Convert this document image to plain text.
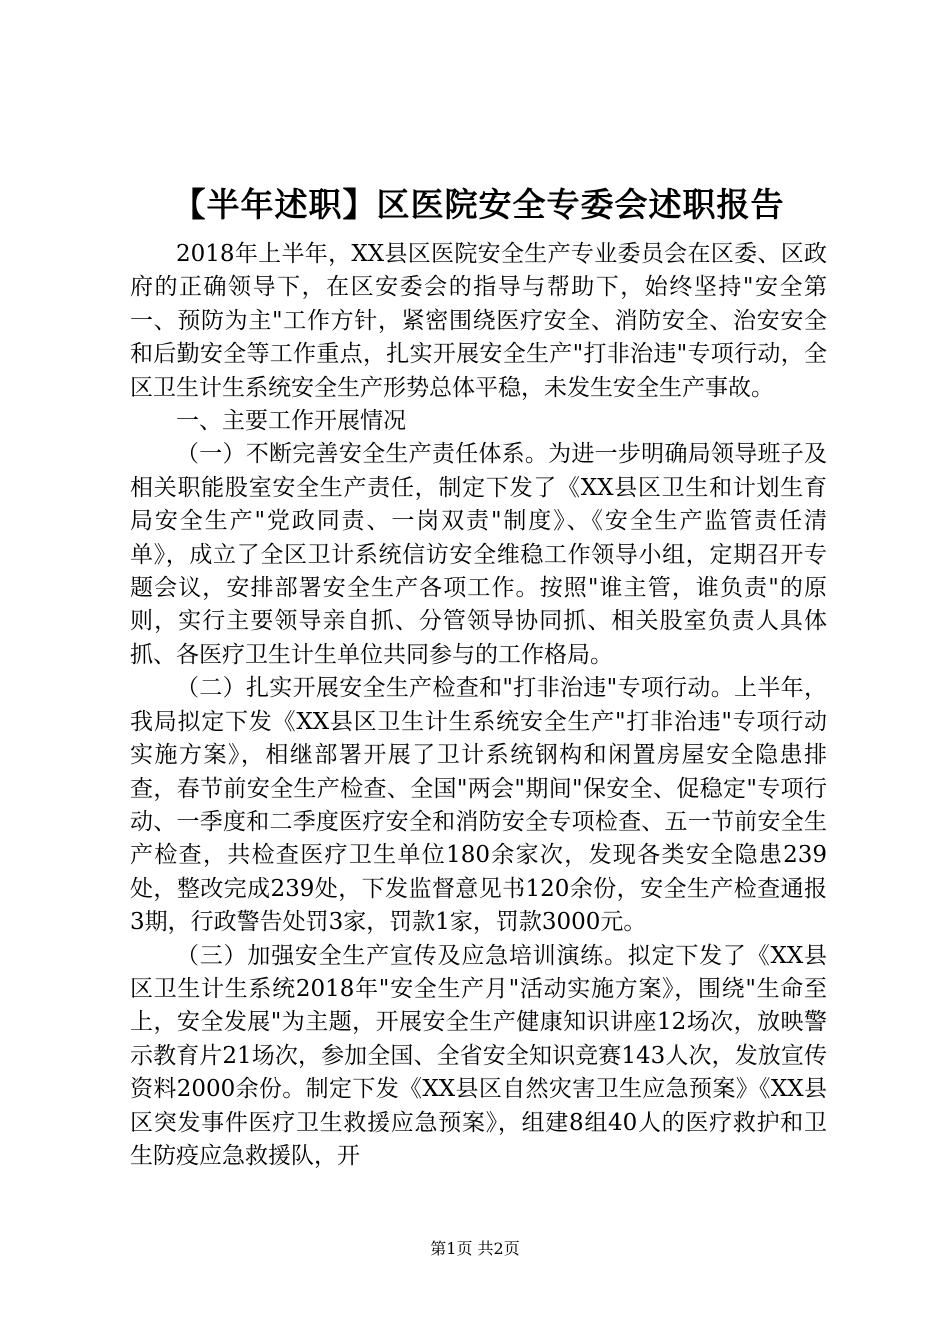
【半年述职】区医院安全专委会述职报告

2018年上半年，XX县区医院安全生产专业委员会在区委、区政府的正确领导下，在区安委会的指导与帮助下，始终坚持"安全第一、预防为主"工作方针，紧密围绕医疗安全、消防安全、治安安全和后勤安全等工作重点，扎实开展安全生产"打非治违"专项行动，全区卫生计生系统安全生产形势总体平稳，未发生安全生产事故。

一、主要工作开展情况

（一）不断完善安全生产责任体系。为进一步明确局领导班子及相关职能股室安全生产责任，制定下发了《XX县区卫生和计划生育局安全生产"党政同责、一岗双责"制度》、《安全生产监管责任清单》，成立了全区卫计系统信访安全维稳工作领导小组，定期召开专题会议，安排部署安全生产各项工作。按照"谁主管，谁负责"的原则，实行主要领导亲自抓、分管领导协同抓、相关股室负责人具体抓、各医疗卫生计生单位共同参与的工作格局。

（二）扎实开展安全生产检查和"打非治违"专项行动。上半年，我局拟定下发《XX县区卫生计生系统安全生产"打非治违"专项行动实施方案》，相继部署开展了卫计系统钢构和闲置房屋安全隐患排查，春节前安全生产检查、全国"两会"期间"保安全、促稳定"专项行动、一季度和二季度医疗安全和消防安全专项检查、五一节前安全生产检查，共检查医疗卫生单位180余家次，发现各类安全隐患239处，整改完成239处，下发监督意见书120余份，安全生产检查通报3期，行政警告处罚3家，罚款1家，罚款3000元。

（三）加强安全生产宣传及应急培训演练。拟定下发了《XX县区卫生计生系统2018年"安全生产月"活动实施方案》，围绕"生命至上，安全发展"为主题，开展安全生产健康知识讲座12场次，放映警示教育片21场次，参加全国、全省安全知识竞赛143人次，发放宣传资料2000余份。制定下发《XX县区自然灾害卫生应急预案》《XX县区突发事件医疗卫生救援应急预案》，组建8组40人的医疗救护和卫生防疫应急救援队，开

第1页 共2页
